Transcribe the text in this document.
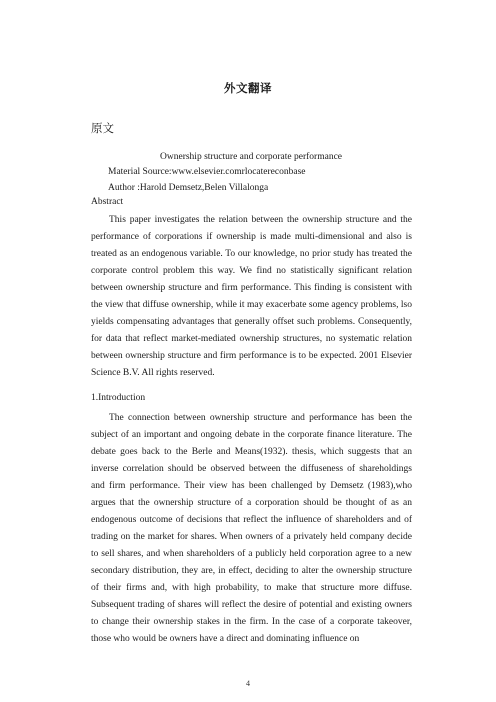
外文翻译
原文
Ownership structure and corporate performance
Material Source:www.elsevier.comrlocatereconbase
Author :Harold Demsetz,Belen Villalonga
Abstract

This paper investigates the relation between the ownership structure and the performance of corporations if ownership is made multi-dimensional and also is treated as an endogenous variable. To our knowledge, no prior study has treated the corporate control problem this way. We find no statistically significant relation between ownership structure and firm performance. This finding is consistent with the view that diffuse ownership, while it may exacerbate some agency problems, lso yields compensating advantages that generally offset such problems. Consequently, for data that reflect market-mediated ownership structures, no systematic relation between ownership structure and firm performance is to be expected. 2001 Elsevier Science B.V. All rights reserved.

1.Introduction

The connection between ownership structure and performance has been the subject of an important and ongoing debate in the corporate finance literature. The debate goes back to the Berle and Means(1932). thesis, which suggests that an inverse correlation should be observed between the diffuseness of shareholdings and firm performance. Their view has been challenged by Demsetz (1983),who argues that the ownership structure of a corporation should be thought of as an endogenous outcome of decisions that reflect the influence of shareholders and of trading on the market for shares. When owners of a privately held company decide to sell shares, and when shareholders of a publicly held corporation agree to a new secondary distribution, they are, in effect, deciding to alter the ownership structure of their firms and, with high probability, to make that structure more diffuse. Subsequent trading of shares will reflect the desire of potential and existing owners to change their ownership stakes in the firm. In the case of a corporate takeover, those who would be owners have a direct and dominating influence on

4
